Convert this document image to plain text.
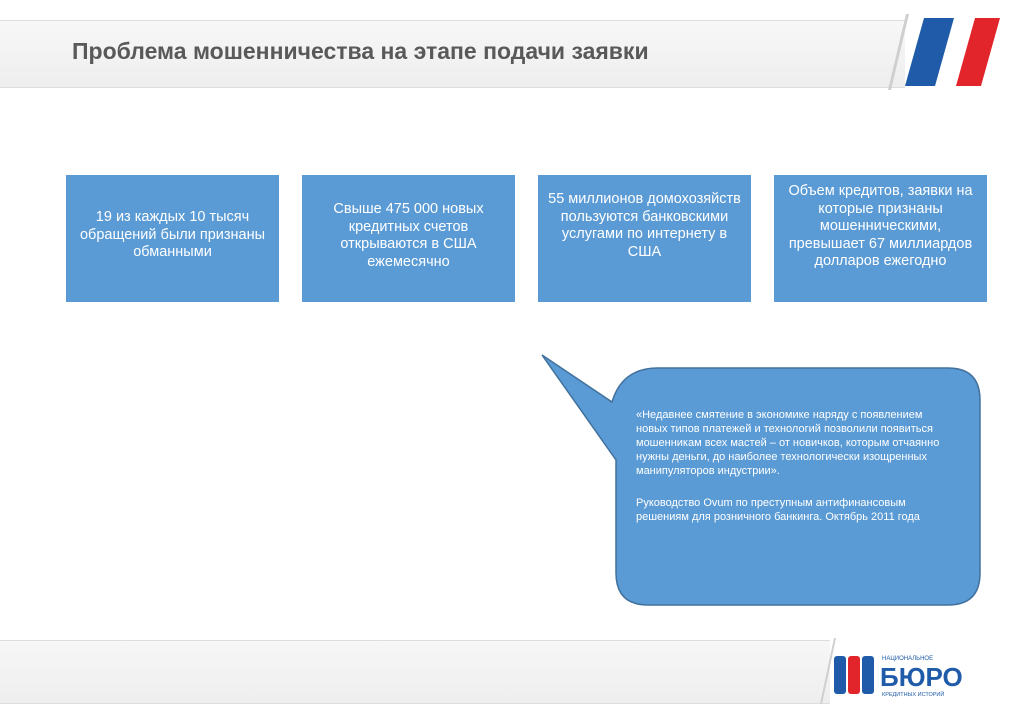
Проблема мошенничества на этапе подачи заявки
19 из каждых 10 тысяч обращений были признаны обманными
Свыше 475 000 новых кредитных счетов открываются в США ежемесячно
55 миллионов домохозяйств пользуются банковскими услугами по интернету в США
Объем кредитов, заявки на которые признаны мошенническими, превышает 67 миллиардов долларов ежегодно

«Недавнее смятение в экономике наряду с появлением новых типов платежей и технологий позволили появиться мошенникам всех мастей – от новичков, которым отчаянно нужны деньги, до наиболее технологически изощренных манипуляторов индустрии».

Руководство Ovum по преступным антифинансовым решениям для розничного банкинга. Октябрь 2011 года

НАЦИОНАЛЬНОЕ
БЮРО
КРЕДИТНЫХ ИСТОРИЙ
